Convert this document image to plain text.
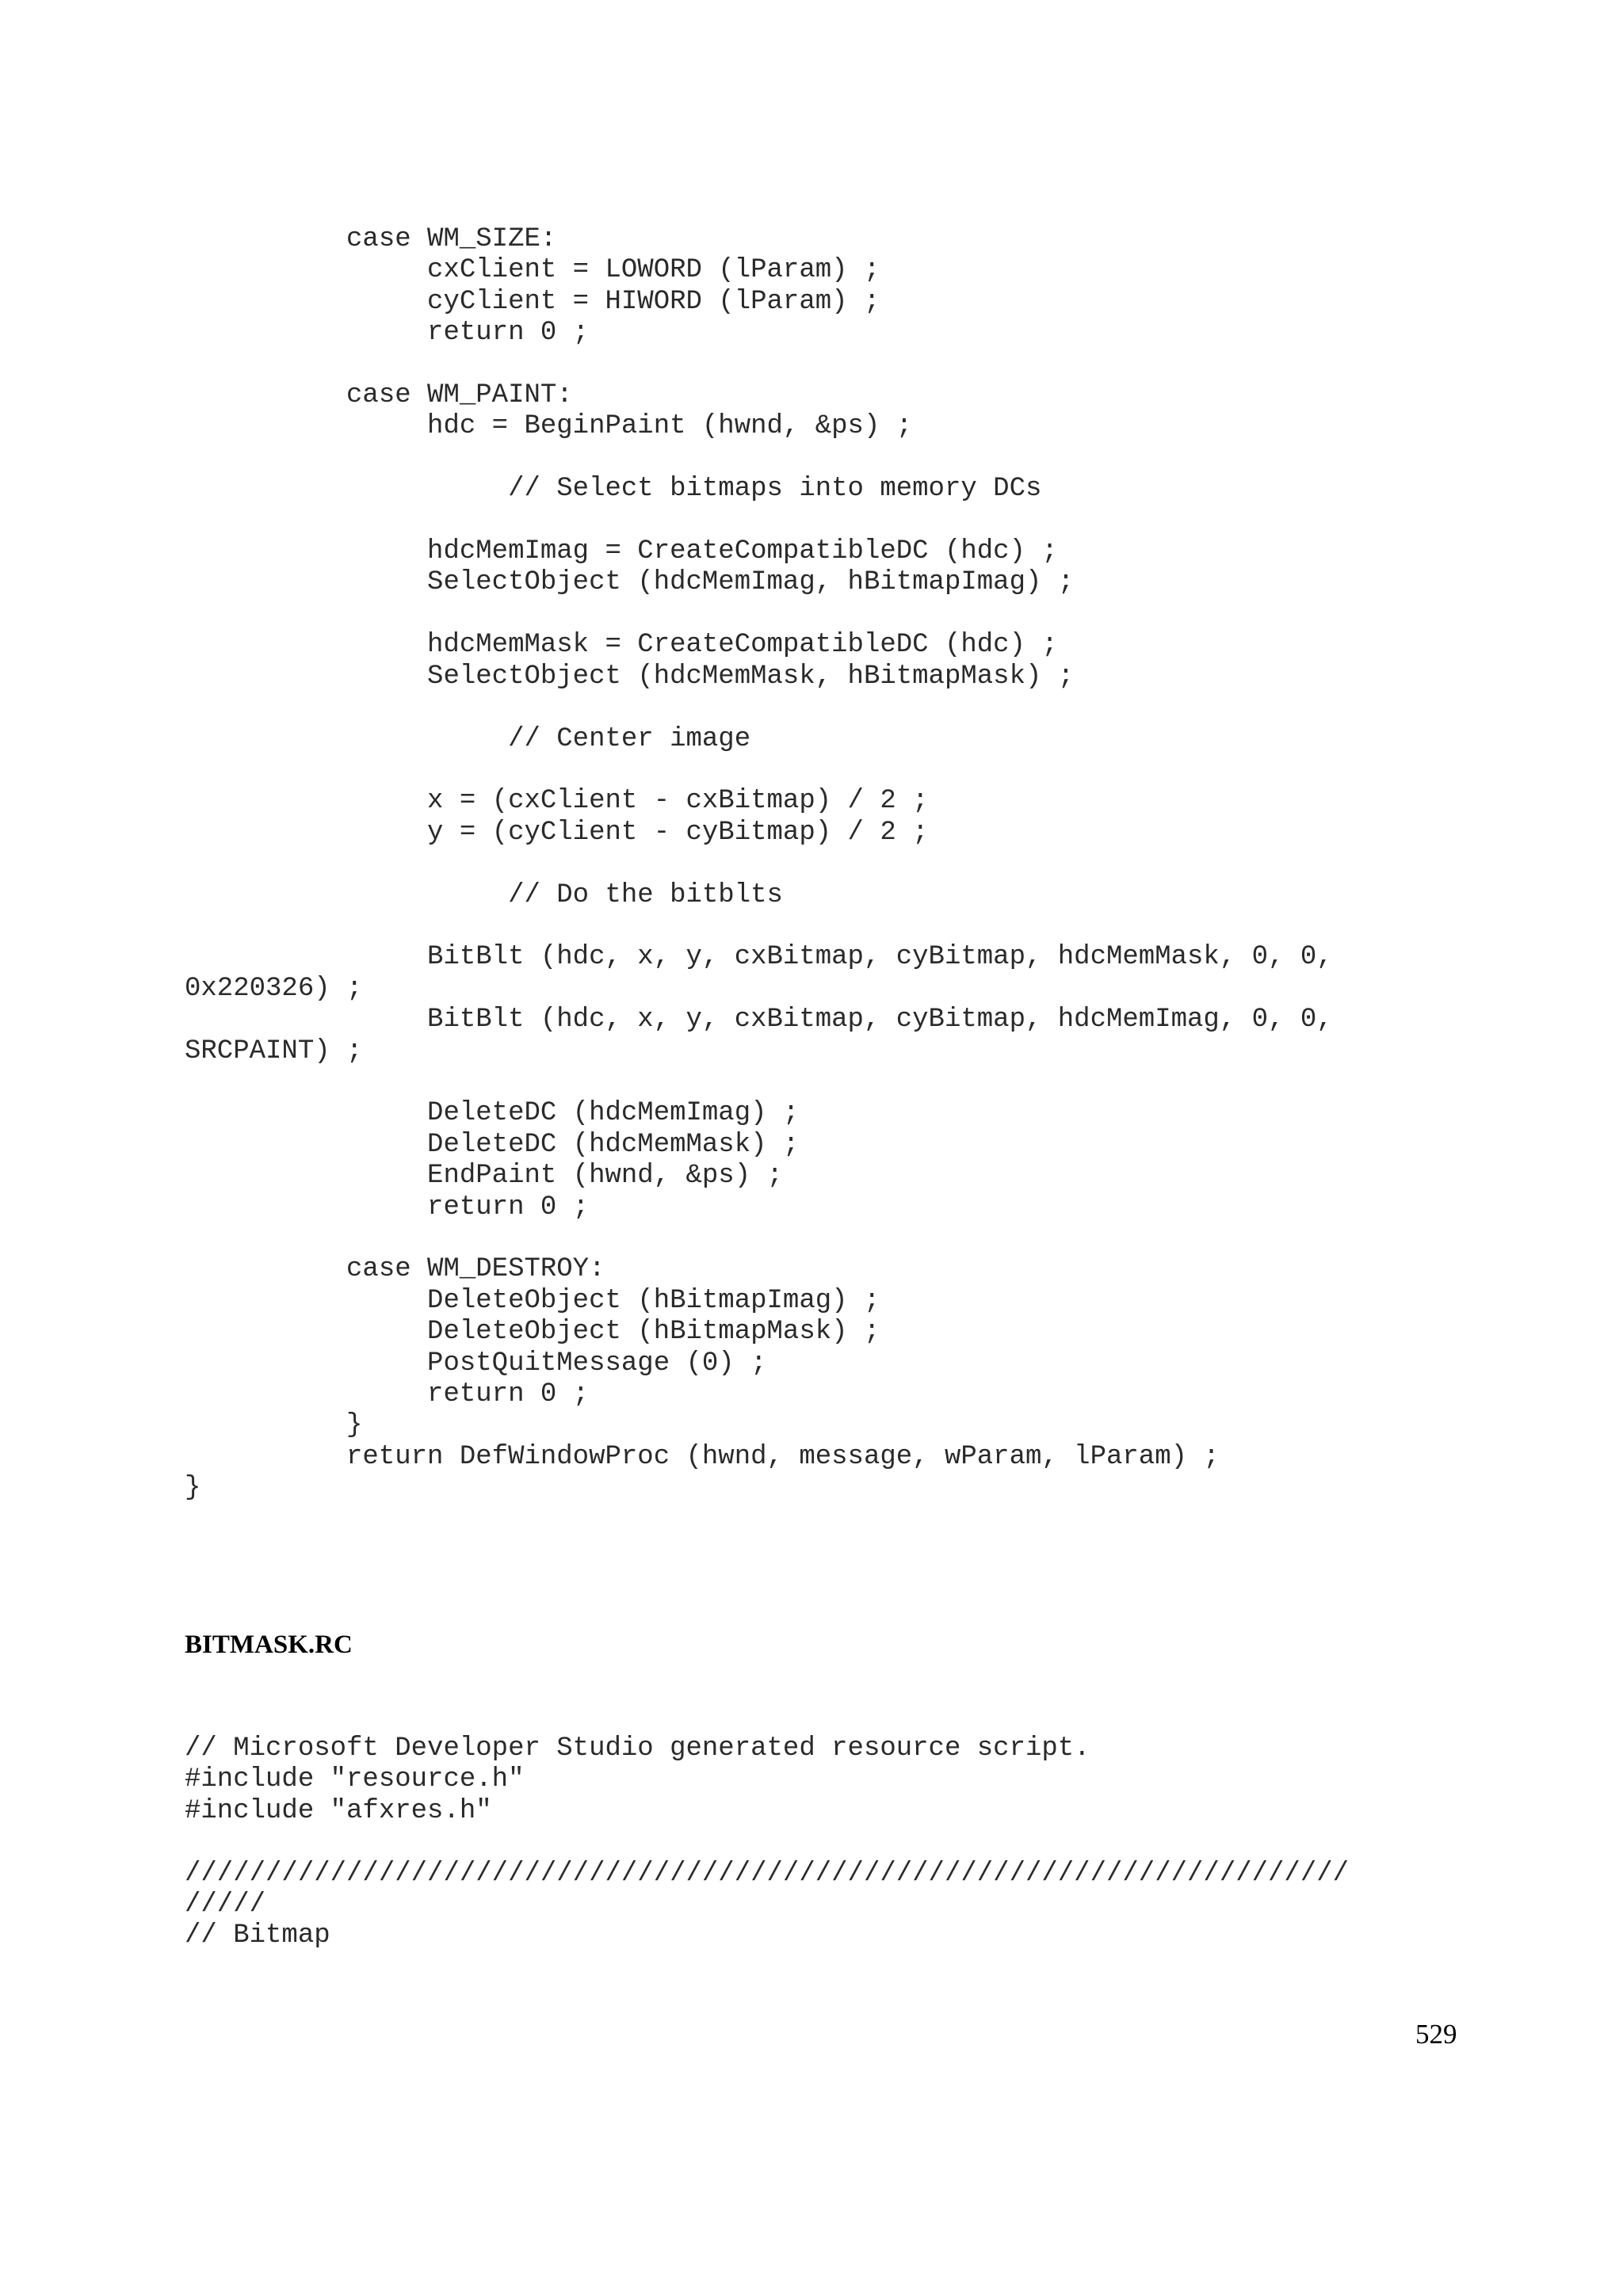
case WM_SIZE:
cxClient = LOWORD (lParam) ;
cyClient = HIWORD (lParam) ;
return 0 ;

case WM_PAINT:
hdc = BeginPaint (hwnd, &ps) ;

// Select bitmaps into memory DCs

hdcMemImag = CreateCompatibleDC (hdc) ;
SelectObject (hdcMemImag, hBitmapImag) ;

hdcMemMask = CreateCompatibleDC (hdc) ;
SelectObject (hdcMemMask, hBitmapMask) ;

// Center image

x = (cxClient - cxBitmap) / 2 ;
y = (cyClient - cyBitmap) / 2 ;

// Do the bitblts

BitBlt (hdc, x, y, cxBitmap, cyBitmap, hdcMemMask, 0, 0,
0x220326) ;
BitBlt (hdc, x, y, cxBitmap, cyBitmap, hdcMemImag, 0, 0,
SRCPAINT) ;

DeleteDC (hdcMemImag) ;
DeleteDC (hdcMemMask) ;
EndPaint (hwnd, &ps) ;
return 0 ;

case WM_DESTROY:
DeleteObject (hBitmapImag) ;
DeleteObject (hBitmapMask) ;
PostQuitMessage (0) ;
return 0 ;
}
return DefWindowProc (hwnd, message, wParam, lParam) ;
}

BITMASK.RC
// Microsoft Developer Studio generated resource script.
#include "resource.h"
#include "afxres.h"

////////////////////////////////////////////////////////////////////////
/////
// Bitmap

529
